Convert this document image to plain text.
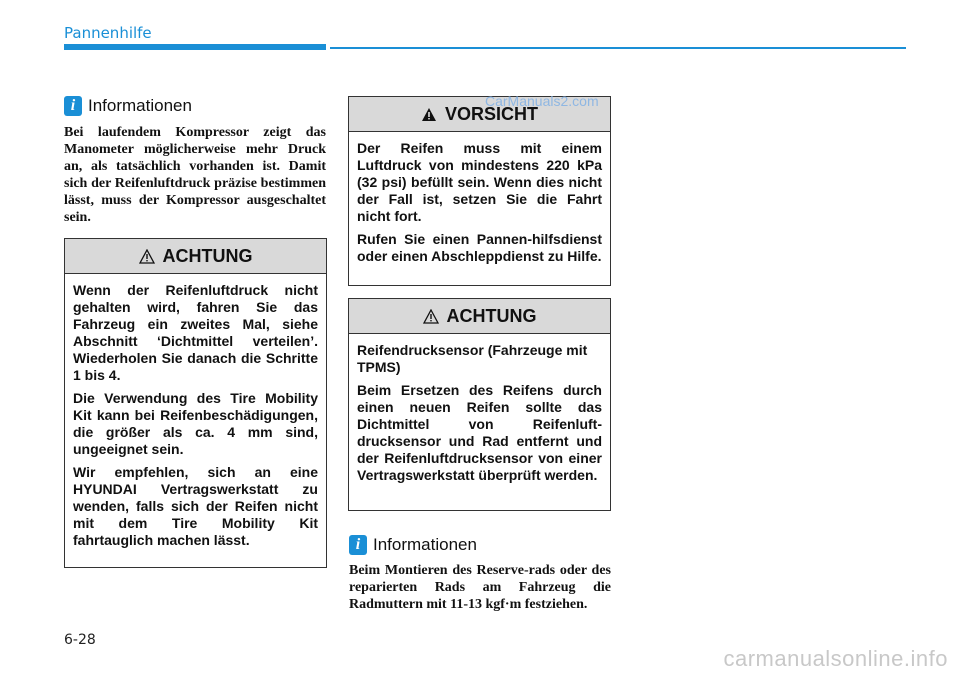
Pannenhilfe
i Informationen

Bei laufendem Kompressor zeigt das Manometer möglicherweise mehr Druck an, als tatsächlich vorhanden ist. Damit sich der Reifenluftdruck präzise bestimmen lässt, muss der Kompressor ausgeschaltet sein.

ACHTUNG

Wenn der Reifenluftdruck nicht gehalten wird, fahren Sie das Fahrzeug ein zweites Mal, siehe Abschnitt ‘Dichtmittel verteilen’. Wiederholen Sie danach die Schritte 1 bis 4.

Die Verwendung des Tire Mobility Kit kann bei Reifenbeschädigungen, die größer als ca. 4 mm sind, ungeeignet sein.

Wir empfehlen, sich an eine HYUNDAI Vertragswerkstatt zu wenden, falls sich der Reifen nicht mit dem Tire Mobility Kit fahrtauglich machen lässt.

VORSICHT

Der Reifen muss mit einem Luftdruck von mindestens 220 kPa (32 psi) befüllt sein. Wenn dies nicht der Fall ist, setzen Sie die Fahrt nicht fort.

Rufen Sie einen Pannen-hilfsdienst oder einen Abschleppdienst zu Hilfe.

ACHTUNG

Reifendrucksensor (Fahrzeuge mit TPMS)

Beim Ersetzen des Reifens durch einen neuen Reifen sollte das Dichtmittel von Reifenluft-drucksensor und Rad entfernt und der Reifenluftdrucksensor von einer Vertragswerkstatt überprüft werden.

i Informationen

Beim Montieren des Reserve-rads oder des reparierten Rads am Fahrzeug die Radmuttern mit 11-13 kgf·m festziehen.

CarManuals2.com
6-28
carmanualsonline.info
